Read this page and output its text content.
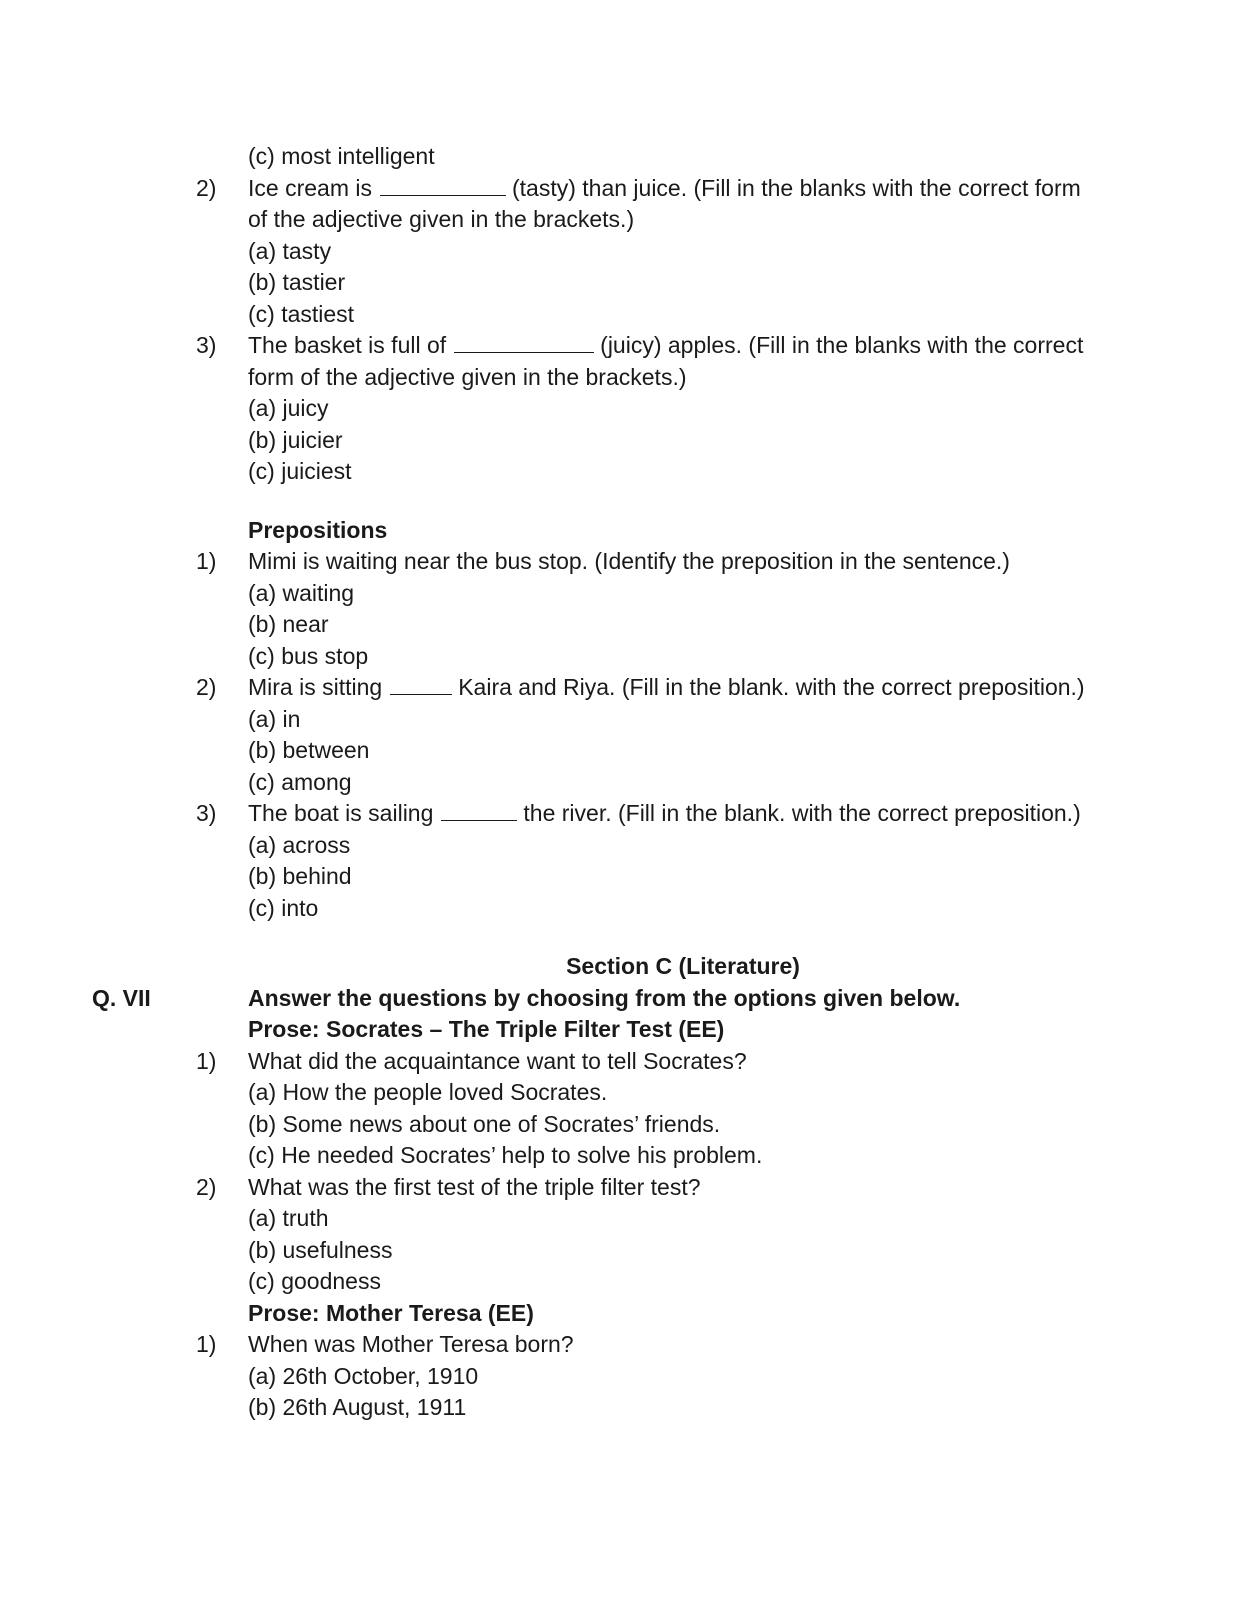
(c) most intelligent
2) Ice cream is	(tasty) than juice. (Fill in the blanks with the correct form
of the adjective given in the brackets.)
(a) tasty
(b) tastier
(c) tastiest
3) The basket is full of	(juicy) apples. (Fill in the blanks with the correct
form of the adjective given in the brackets.)
(a) juicy
(b) juicier
(c) juiciest
Prepositions
1) Mimi is waiting near the bus stop. (Identify the preposition in the sentence.)
(a) waiting
(b) near
(c) bus stop
2) Mira is sitting	Kaira and Riya. (Fill in the blank. with the correct preposition.)
(a) in
(b) between
(c) among
3) The boat is sailing	the river. (Fill in the blank. with the correct preposition.)
(a) across
(b) behind
(c) into
Section C (Literature)
Q. VII	Answer the questions by choosing from the options given below.
Prose: Socrates – The Triple Filter Test (EE)
1) What did the acquaintance want to tell Socrates?
(a) How the people loved Socrates.
(b) Some news about one of Socrates’ friends.
(c) He needed Socrates’ help to solve his problem.
2) What was the first test of the triple filter test?
(a) truth
(b) usefulness
(c) goodness
Prose: Mother Teresa (EE)
1) When was Mother Teresa born?
(a) 26th October, 1910
(b) 26th August, 1911
